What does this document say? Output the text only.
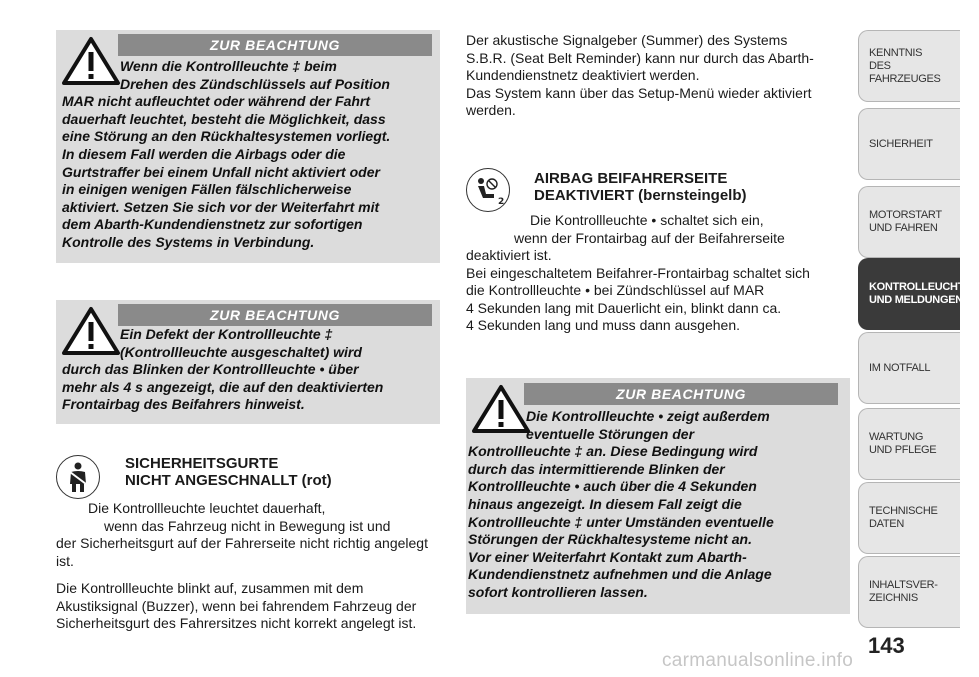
ZUR BEACHTUNG
Wenn die Kontrollleuchte ‡ beim
Drehen des Zündschlüssels auf Position
MAR nicht aufleuchtet oder während der Fahrt
dauerhaft leuchtet, besteht die Möglichkeit, dass
eine Störung an den Rückhaltesystemen vorliegt.
In diesem Fall werden die Airbags oder die
Gurtstraffer bei einem Unfall nicht aktiviert oder
in einigen wenigen Fällen fälschlicherweise
aktiviert. Setzen Sie sich vor der Weiterfahrt mit
dem Abarth-Kundendienstnetz zur sofortigen
Kontrolle des Systems in Verbindung.
ZUR BEACHTUNG
Ein Defekt der Kontrollleuchte ‡
(Kontrollleuchte ausgeschaltet) wird
durch das Blinken der Kontrollleuchte • über
mehr als 4 s angezeigt, die auf den deaktivierten
Frontairbag des Beifahrers hinweist.
SICHERHEITSGURTE
NICHT ANGESCHNALLT (rot)
Die Kontrollleuchte leuchtet dauerhaft,
wenn das Fahrzeug nicht in Bewegung ist und
der Sicherheitsgurt auf der Fahrerseite nicht richtig angelegt ist.
Die Kontrollleuchte blinkt auf, zusammen mit dem Akustiksignal (Buzzer), wenn bei fahrendem Fahrzeug der Sicherheitsgurt des Fahrersitzes nicht korrekt angelegt ist.
Der akustische Signalgeber (Summer) des Systems
S.B.R. (Seat Belt Reminder) kann nur durch das Abarth-
Kundendienstnetz deaktiviert werden.
Das System kann über das Setup-Menü wieder aktiviert
werden.
2
AIRBAG BEIFAHRERSEITE
DEAKTIVIERT (bernsteingelb)
Die Kontrollleuchte • schaltet sich ein,
wenn der Frontairbag auf der Beifahrerseite
deaktiviert ist.
Bei eingeschaltetem Beifahrer-Frontairbag schaltet sich
die Kontrollleuchte • bei Zündschlüssel auf MAR
4 Sekunden lang mit Dauerlicht ein, blinkt dann ca.
4 Sekunden lang und muss dann ausgehen.
ZUR BEACHTUNG
Die Kontrollleuchte • zeigt außerdem
eventuelle Störungen der
Kontrollleuchte ‡ an. Diese Bedingung wird
durch das intermittierende Blinken der
Kontrollleuchte • auch über die 4 Sekunden
hinaus angezeigt. In diesem Fall zeigt die
Kontrollleuchte ‡ unter Umständen eventuelle
Störungen der Rückhaltesysteme nicht an.
Vor einer Weiterfahrt Kontakt zum Abarth-
Kundendienstnetz aufnehmen und die Anlage
sofort kontrollieren lassen.
KENNTNIS
DES FAHRZEUGES
SICHERHEIT
MOTORSTART
UND FAHREN
KONTROLLEUCHTEN
UND MELDUNGEN
IM NOTFALL
WARTUNG
UND PFLEGE
TECHNISCHE
DATEN
INHALTSVER-
ZEICHNIS
143
carmanualsonline.info
